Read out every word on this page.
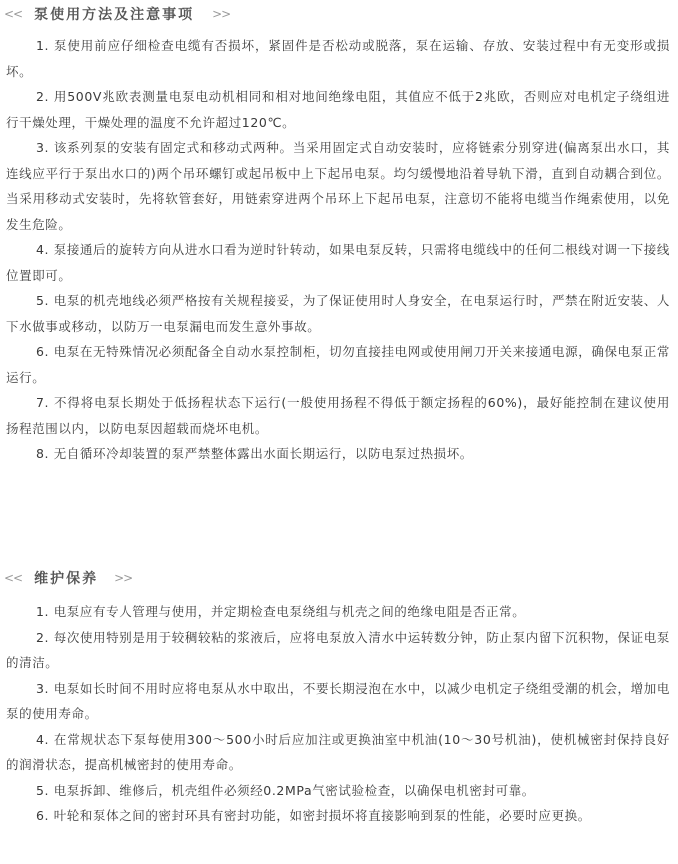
<< 泵使用方法及注意事项 >>

1. 泵使用前应仔细检查电缆有否损坏，紧固件是否松动或脱落，泵在运输、存放、安装过程中有无变形或损坏。

2. 用500V兆欧表测量电泵电动机相同和相对地间绝缘电阻，其值应不低于2兆欧，否则应对电机定子绕组进行干燥处理，干燥处理的温度不允许超过120℃。

3. 该系列泵的安装有固定式和移动式两种。当采用固定式自动安装时，应将链索分别穿进(偏离泵出水口，其连线应平行于泵出水口的)两个吊环螺钉或起吊板中上下起吊电泵。均匀缓慢地沿着导轨下滑，直到自动耦合到位。当采用移动式安装时，先将软管套好，用链索穿进两个吊环上下起吊电泵，注意切不能将电缆当作绳索使用，以免发生危险。

4. 泵接通后的旋转方向从进水口看为逆时针转动，如果电泵反转，只需将电缆线中的任何二根线对调一下接线位置即可。

5. 电泵的机壳地线必须严格按有关规程接妥，为了保证使用时人身安全，在电泵运行时，严禁在附近安装、人下水做事或移动，以防万一电泵漏电而发生意外事故。

6. 电泵在无特殊情况必须配备全自动水泵控制柜，切勿直接挂电网或使用闸刀开关来接通电源，确保电泵正常运行。

7. 不得将电泵长期处于低扬程状态下运行(一般使用扬程不得低于额定扬程的60%)，最好能控制在建议使用扬程范围以内，以防电泵因超载而烧坏电机。

8. 无自循环冷却装置的泵严禁整体露出水面长期运行，以防电泵过热损坏。

<< 维护保养 >>

1. 电泵应有专人管理与使用，并定期检查电泵绕组与机壳之间的绝缘电阻是否正常。

2. 每次使用特别是用于较稠较粘的浆液后，应将电泵放入清水中运转数分钟，防止泵内留下沉积物，保证电泵的清洁。

3. 电泵如长时间不用时应将电泵从水中取出，不要长期浸泡在水中，以减少电机定子绕组受潮的机会，增加电泵的使用寿命。

4. 在常规状态下泵每使用300～500小时后应加注或更换油室中机油(10～30号机油)，使机械密封保持良好的润滑状态，提高机械密封的使用寿命。

5. 电泵拆卸、维修后，机壳组件必须经0.2MPa气密试验检查，以确保电机密封可靠。

6. 叶轮和泵体之间的密封环具有密封功能，如密封损坏将直接影响到泵的性能，必要时应更换。
